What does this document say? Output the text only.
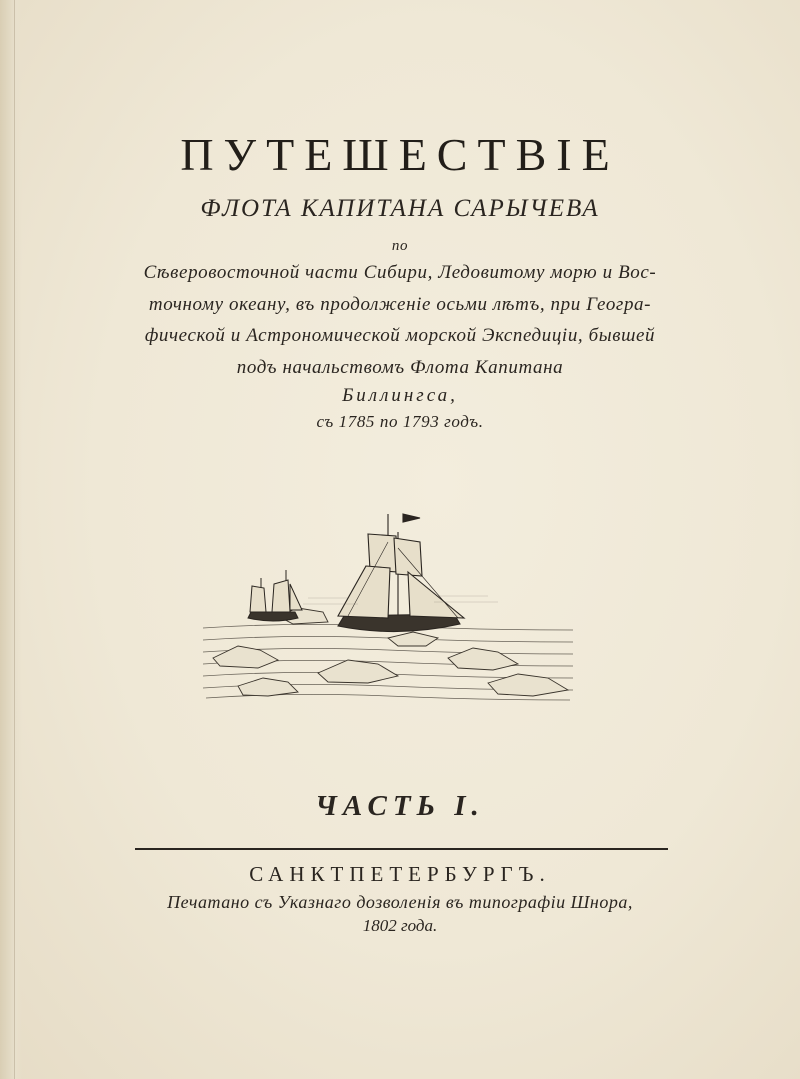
ПУТЕШЕСТВІЕ
ФЛОТА КАПИТАНА САРЫЧЕВА
по
Сѣверовосточной части Сибири, Ледовитому морю и Вос-
точному океану, въ продолженіе осьми лѣтъ, при Геогра-
фической и Астрономической морской Экспедиціи, бывшей
подъ начальствомъ Флота Капитана
Биллингса,
съ 1785 по 1793 годъ.
ЧАСТЬ I.
САНКТПЕТЕРБУРГЪ.
Печатано съ Указнаго дозволенія въ типографіи Шнора,
1802 года.
